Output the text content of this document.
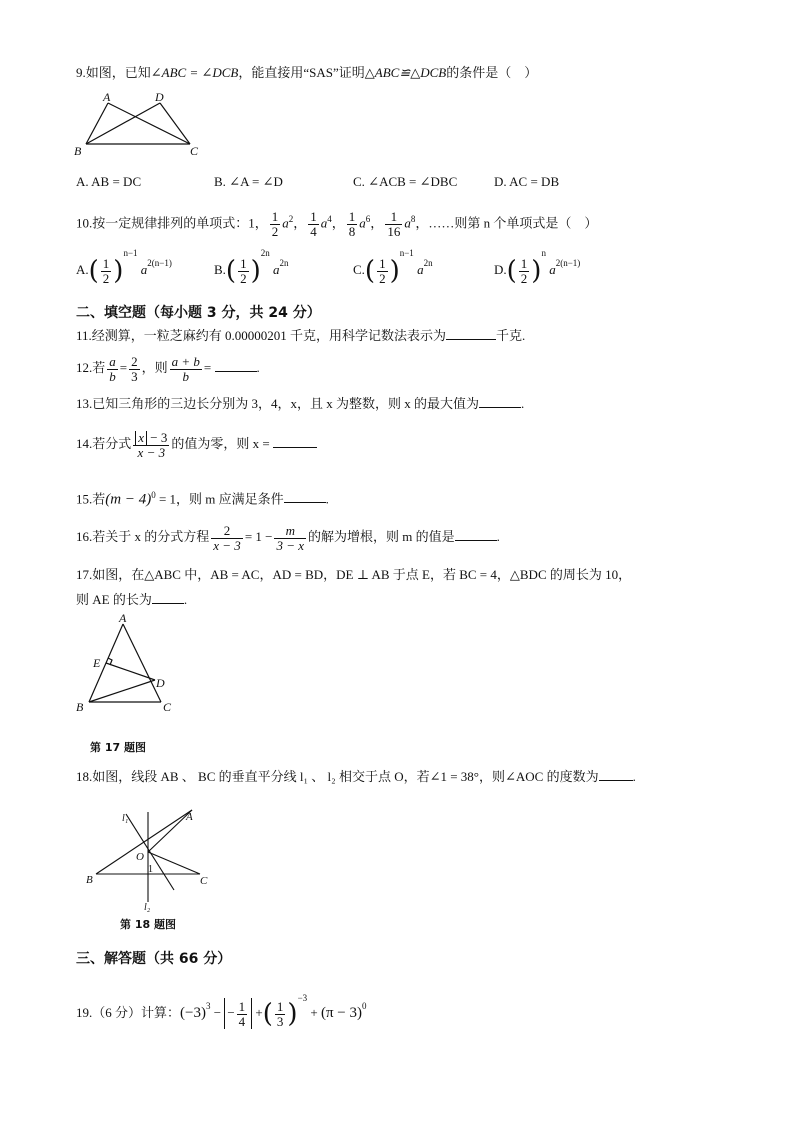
9.如图，已知∠ABC = ∠DCB，能直接用“SAS”证明△ABC≌△DCB的条件是（　）
A	D
B	C
A. AB = DC	B. ∠A = ∠D	C. ∠ACB = ∠DBC	D. AC = DB
10.按一定规律排列的单项式：1， $\frac{1}{2} a^2$， $\frac{1}{4} a^4$， $\frac{1}{8} a^6$， $\frac{1}{16} a^8$，……则第 n 个单项式是（　）
$A.( \frac{1}{2} )^{n-1}$ $a^{2(n-1)}$	$B.( \frac{1}{2} )^{2n}$ $a^{2n}$	$C.( \frac{1}{2} )^{n-1}$ $a^{2n}$	$D.( \frac{1}{2} )^n$ $a^{2(n-1)}$
二、填空题（每小题 3 分，共 24 分）
11.经测算，一粒芝麻约有 0.00000201 千克，用科学记数法表示为	千克.
12.若 $\frac{a}{b} = \frac{2}{3}$ ，则 $\frac{a + b}{b}$ =	.
13.已知三角形的三边长分别为 3，4，x，且 x 为整数，则 x 的最大值为	.
14.若分式 $\frac{x - 3}{x - 3}$ 的值为零，则 x =
15.若$(m - 4)^0 = 1$，则 m 应满足条件	.
16.若关于 x 的分式方程 $\frac{2}{x - 3} = 1 - \frac{m}{3 - x}$ 的解为增根，则 m 的值是	.
17.如图，在△ABC 中，AB = AC，AD = BD，DE ⊥ AB 于点 E，若 BC = 4，△BDC 的周长为 10，
则 AE 的长为 .
A
E
D
B	C
第 17 题图
18.如图，线段 AB 、 BC 的垂直平分线 l₁ 、 l₂ 相交于点 O，若∠1 = 38°，则∠AOC 的度数为	.
l₁	A
O
1
B	C
l₂
第 18 题图
三、解答题（共 66 分）
19.（6 分）计算：$(-3)^3$ − − $\frac{1}{4}$ +( $\frac{1}{3} )^{-3} + (\pi - 3)^0$
